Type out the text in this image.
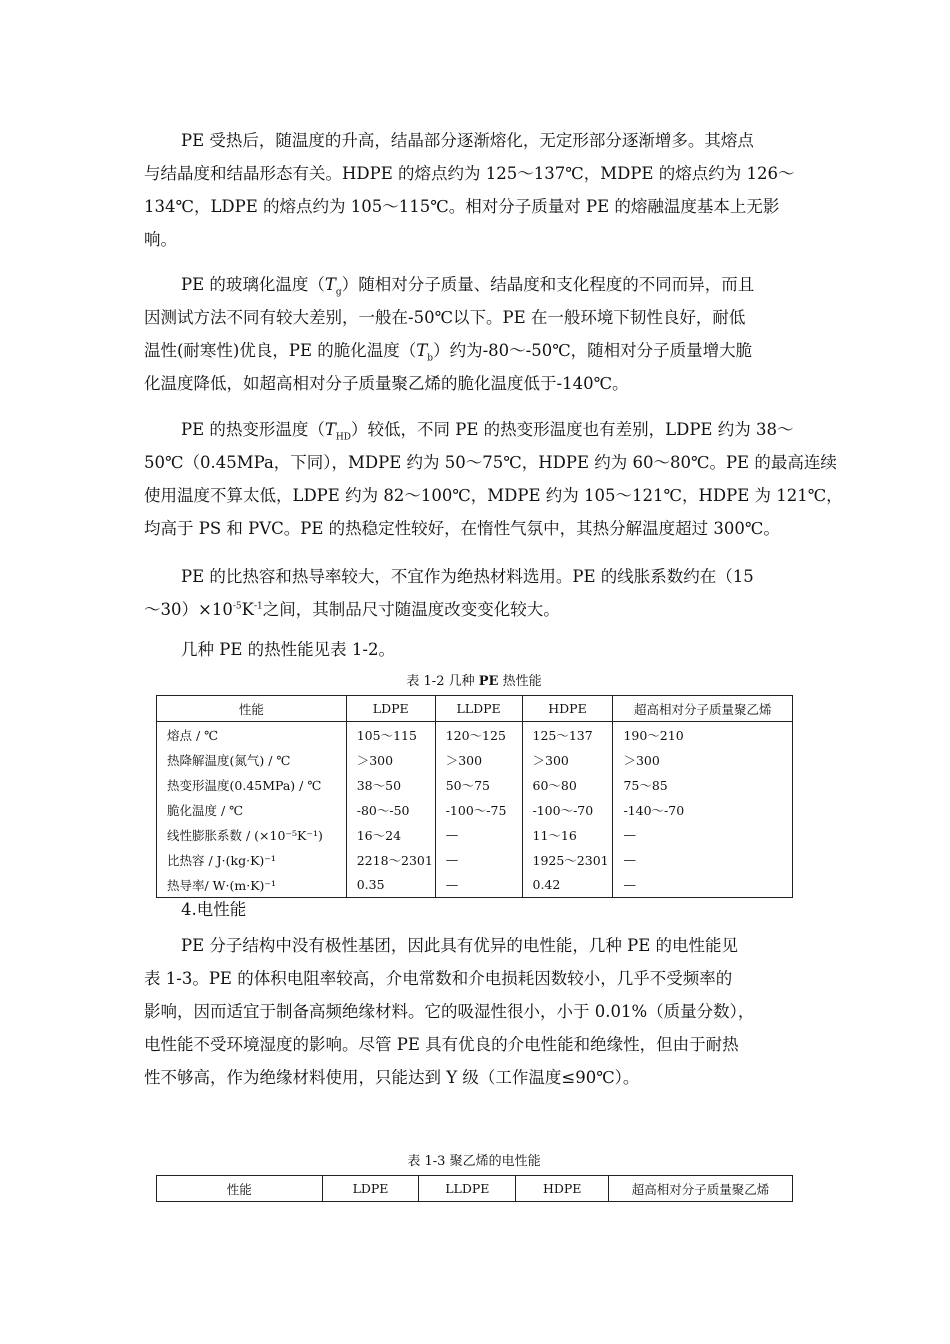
PE 受热后，随温度的升高，结晶部分逐渐熔化，无定形部分逐渐增多。其熔点
与结晶度和结晶形态有关。HDPE 的熔点约为 125～137℃，MDPE 的熔点约为 126～
134℃，LDPE 的熔点约为 105～115℃。相对分子质量对 PE 的熔融温度基本上无影
响。
PE 的玻璃化温度$(T_g)$随相对分子质量、结晶度和支化程度的不同而异，而且
因测试方法不同有较大差别，一般在-50℃以下。PE 在一般环境下韧性良好，耐低
温性(耐寒性)优良，PE 的脆化温度$(T_b)$约为-80～-50℃，随相对分子质量增大脆
化温度降低，如超高相对分子质量聚乙烯的脆化温度低于-140℃。
PE 的热变形温度$(T_{HD})$较低，不同 PE 的热变形温度也有差别，LDPE 约为 38～
50℃（0.45MPa，下同），MDPE 约为 50～75℃，HDPE 约为 60～80℃。PE 的最高连续
使用温度不算太低，LDPE 约为 82～100℃，MDPE 约为 105～121℃，HDPE 为 121℃，
均高于 PS 和 PVC。PE 的热稳定性较好，在惰性气氛中，其热分解温度超过 300℃。
PE 的比热容和热导率较大，不宜作为绝热材料选用。PE 的线胀系数约在（15
$\sim 30)\times 10^{-5}K^{-1}$之间，其制品尺寸随温度改变变化较大。
几种 PE 的热性能见表 1-2。

表 1-2 几种 PE 热性能

性能	LDPE	LLDPE	HDPE	超高相对分子质量聚乙烯
熔点 / ℃	105～115	120～125	125～137	190～210
热降解温度(氮气) / ℃	＞300	＞300	＞300	＞300
热变形温度(0.45MPa) / ℃	38～50	50～75	60～80	75～85
脆化温度 / ℃	-80～-50	-100～-75	-100～-70	-140～-70
线性膨胀系数 / (×10⁻⁵K⁻¹)	16～24	—	11～16	—
比热容 / J·(kg·K)⁻¹	2218～2301	—	1925～2301	—
热导率/ W·(m·K)⁻¹	0.35	—	0.42	—

4.电性能

PE 分子结构中没有极性基团，因此具有优异的电性能，几种 PE 的电性能见
表 1-3。PE 的体积电阻率较高，介电常数和介电损耗因数较小，几乎不受频率的
影响，因而适宜于制备高频绝缘材料。它的吸湿性很小，小于 0.01%（质量分数），
电性能不受环境湿度的影响。尽管 PE 具有优良的介电性能和绝缘性，但由于耐热
性不够高，作为绝缘材料使用，只能达到 Y 级（工作温度≤90℃）。

表 1-3 聚乙烯的电性能

性能	LDPE	LLDPE	HDPE	超高相对分子质量聚乙烯
